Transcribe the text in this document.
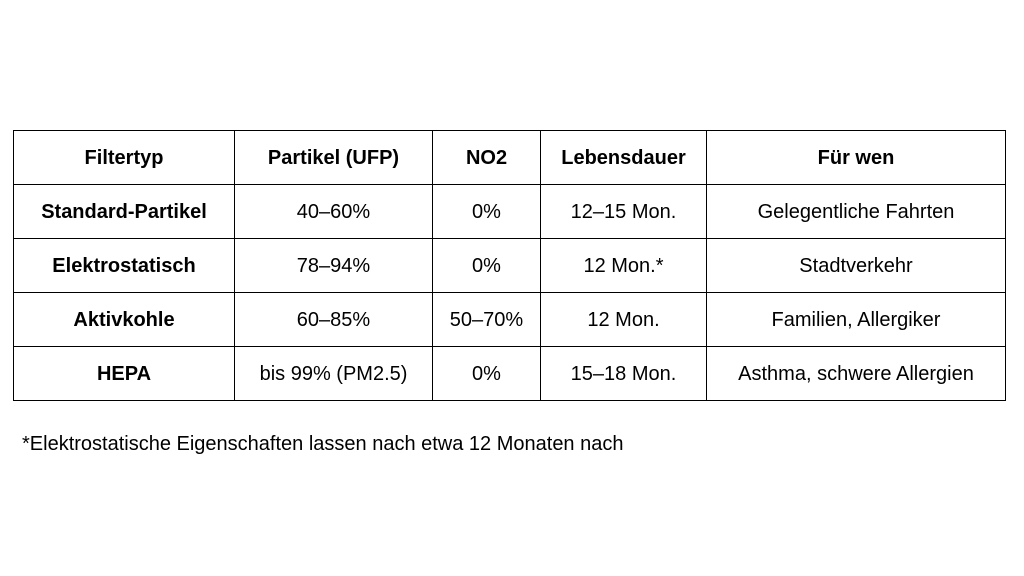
Filtertyp	Partikel (UFP)	NO2	Lebensdauer	Für wen
Standard-Partikel	40–60%	0%	12–15 Mon.	Gelegentliche Fahrten
Elektrostatisch	78–94%	0%	12 Mon.*	Stadtverkehr
Aktivkohle	60–85%	50–70%	12 Mon.	Familien, Allergiker
HEPA	bis 99% (PM2.5)	0%	15–18 Mon.	Asthma, schwere Allergien
*Elektrostatische Eigenschaften lassen nach etwa 12 Monaten nach
